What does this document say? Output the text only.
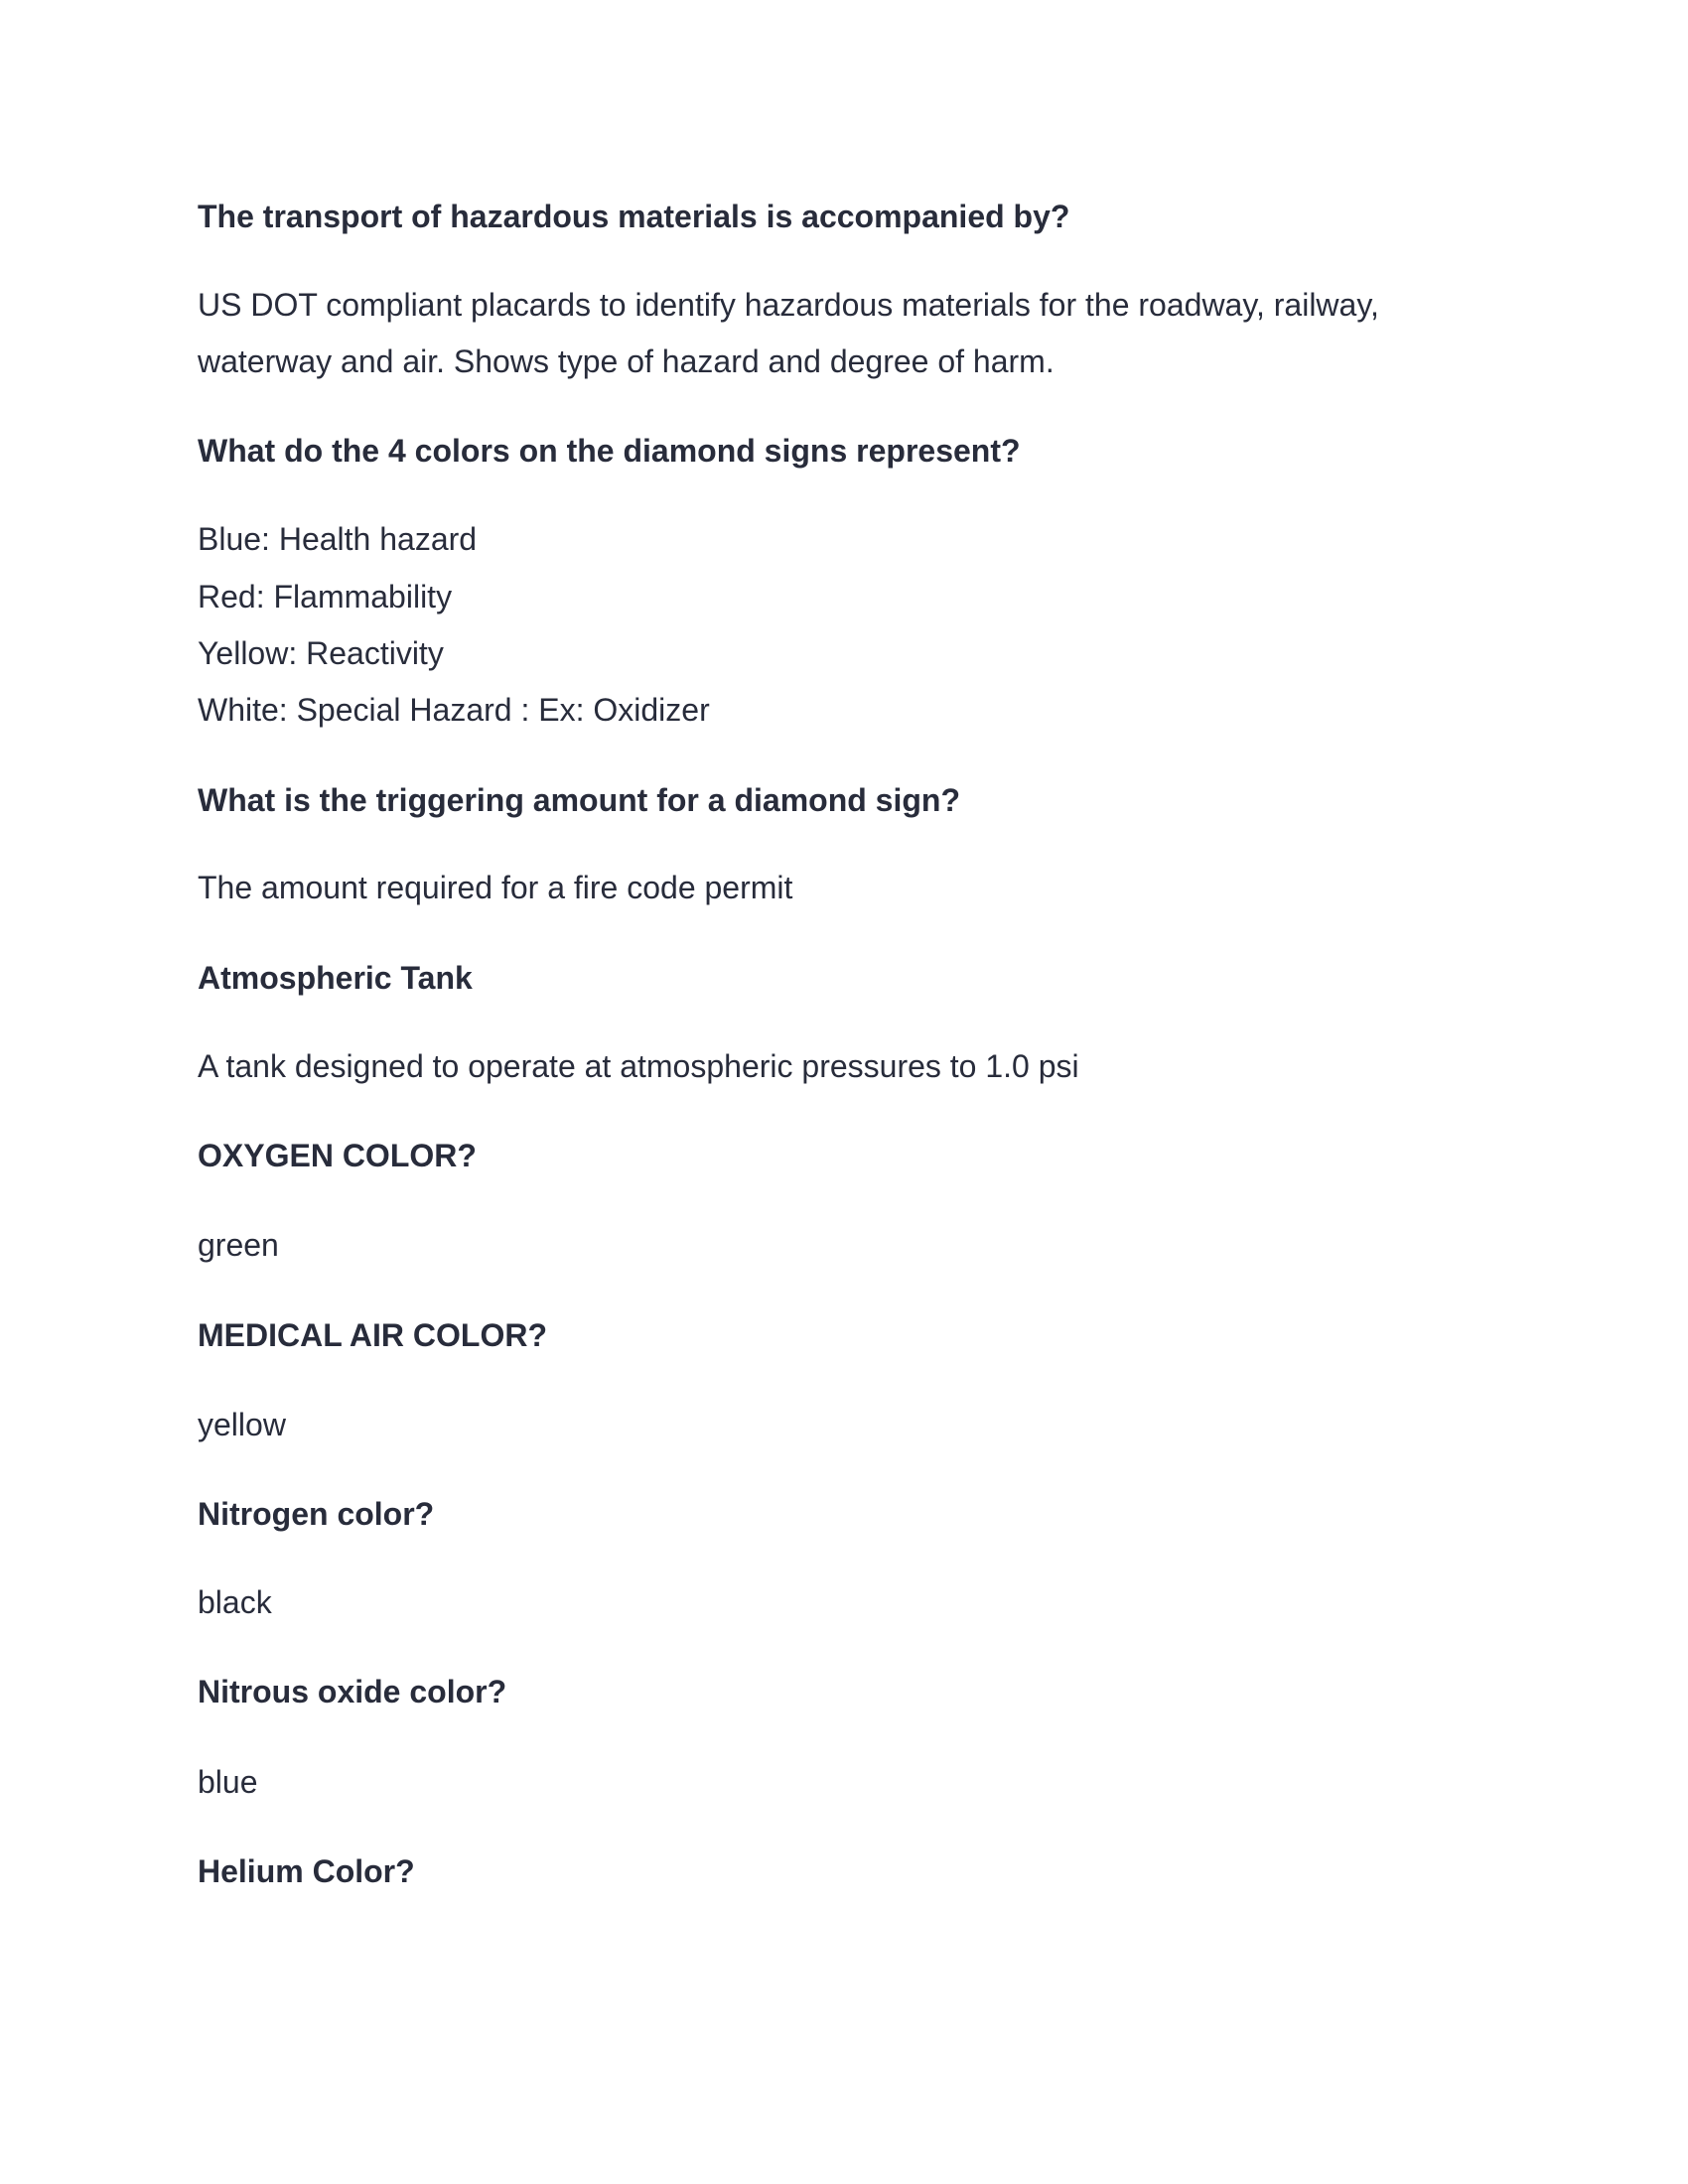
The transport of hazardous materials is accompanied by?

US DOT compliant placards to identify hazardous materials for the roadway, railway,

waterway and air. Shows type of hazard and degree of harm.

What do the 4 colors on the diamond signs represent?

Blue: Health hazard

Red: Flammability

Yellow: Reactivity

White: Special Hazard : Ex: Oxidizer

What is the triggering amount for a diamond sign?

The amount required for a fire code permit

Atmospheric Tank

A tank designed to operate at atmospheric pressures to 1.0 psi

OXYGEN COLOR?

green

MEDICAL AIR COLOR?

yellow

Nitrogen color?

black

Nitrous oxide color?

blue

Helium Color?
